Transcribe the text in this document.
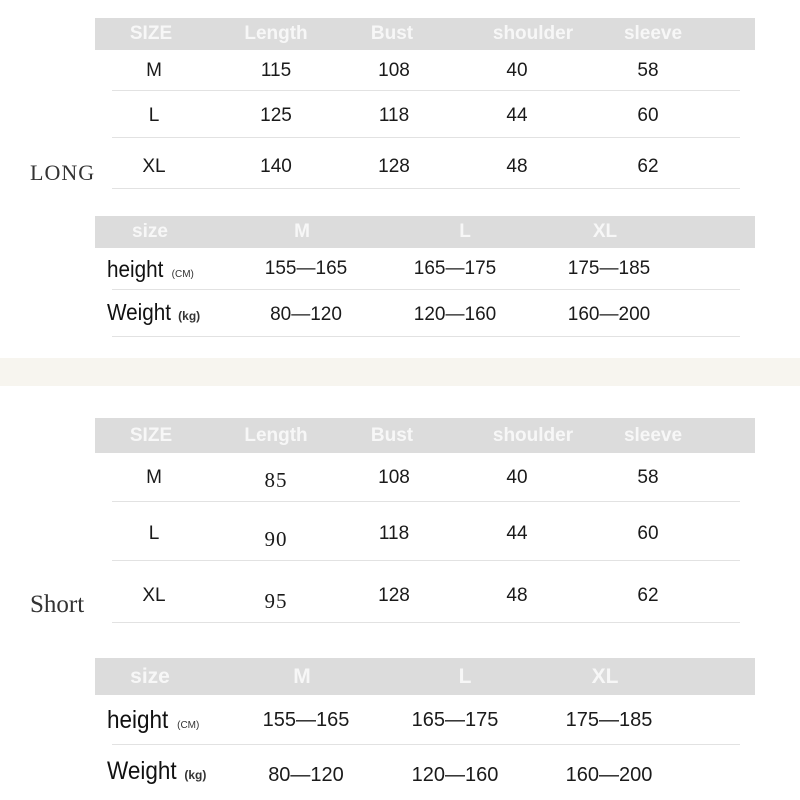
SIZE	Length	Bust	shoulder	sleeve
M	115	108	40	58
L	125	118	44	60
XL	140	128	48	62
LONG
size	M	L	XL
height (CM)	155—165	165—175	175—185
Weight (kg)	80—120	120—160	160—200
SIZE	Length	Bust	shoulder	sleeve
M	85	108	40	58
L	90	118	44	60
XL	95	128	48	62
Short
size	M	L	XL
height (CM)	155—165	165—175	175—185
Weight (kg)	80—120	120—160	160—200
